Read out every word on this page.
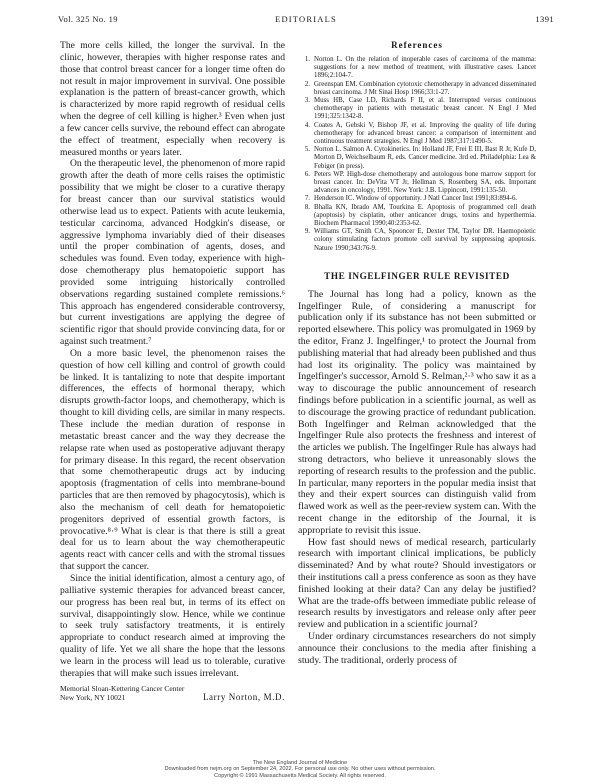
Vol. 325 No. 19	EDITORIALS	1391

The more cells killed, the longer the survival. In the clinic, however, therapies with higher response rates and those that control breast cancer for a longer time often do not result in major improvement in survival. One possible explanation is the pattern of breast-cancer growth, which is characterized by more rapid regrowth of residual cells when the degree of cell killing is higher.³ Even when just a few cancer cells survive, the rebound effect can abrogate the effect of treatment, especially when recovery is measured months or years later.

On the therapeutic level, the phenomenon of more rapid growth after the death of more cells raises the optimistic possibility that we might be closer to a curative therapy for breast cancer than our survival statistics would otherwise lead us to expect. Patients with acute leukemia, testicular carcinoma, advanced Hodgkin's disease, or aggressive lymphoma invariably died of their diseases until the proper combination of agents, doses, and schedules was found. Even today, experience with high-dose chemotherapy plus hematopoietic support has provided some intriguing historically controlled observations regarding sustained complete remissions.⁶ This approach has engendered considerable controversy, but current investigations are applying the degree of scientific rigor that should provide convincing data, for or against such treatment.⁷

On a more basic level, the phenomenon raises the question of how cell killing and control of growth could be linked. It is tantalizing to note that despite important differences, the effects of hormonal therapy, which disrupts growth-factor loops, and chemotherapy, which is thought to kill dividing cells, are similar in many respects. These include the median duration of response in metastatic breast cancer and the way they decrease the relapse rate when used as postoperative adjuvant therapy for primary disease. In this regard, the recent observation that some chemotherapeutic drugs act by inducing apoptosis (fragmentation of cells into membrane-bound particles that are then removed by phagocytosis), which is also the mechanism of cell death for hematopoietic progenitors deprived of essential growth factors, is provocative.⁸·⁹ What is clear is that there is still a great deal for us to learn about the way chemotherapeutic agents react with cancer cells and with the stromal tissues that support the cancer.

Since the initial identification, almost a century ago, of palliative systemic therapies for advanced breast cancer, our progress has been real but, in terms of its effect on survival, disappointingly slow. Hence, while we continue to seek truly satisfactory treatments, it is entirely appropriate to conduct research aimed at improving the quality of life. Yet we all share the hope that the lessons we learn in the process will lead us to tolerable, curative therapies that will make such issues irrelevant.

Memorial Sloan-Kettering Cancer Center
New York, NY 10021	Larry Norton, M.D.
References
1. Norton L. On the relation of inoperable cases of carcinoma of the mamma: suggestions for a new method of treatment, with illustrative cases. Lancet 1896;2:104-7.
2. Greenspan EM. Combination cytotoxic chemotherapy in advanced disseminated breast carcinoma. J Mt Sinai Hosp 1966;33:1-27.
3. Muss HB, Case LD, Richards F II, et al. Interrupted versus continuous chemotherapy in patients with metastatic breast cancer. N Engl J Med 1991;325:1342-8.
4. Coates A, Gebski V, Bishop JF, et al. Improving the quality of life during chemotherapy for advanced breast cancer: a comparison of intermittent and continuous treatment strategies. N Engl J Med 1987;317:1490-5.
5. Norton L. Salmon A. Cytokinetics. In: Holland JF, Frei E III, Bast R Jr, Kufe D, Morton D, Weichselbaum R, eds. Cancer medicine. 3rd ed. Philadelphia: Lea & Febiger (in press).
6. Peters WP. High-dose chemotherapy and autologous bone marrow support for breast cancer. In: DeVita VT Jr, Hellman S, Rosenberg SA, eds. Important advances in oncology, 1991. New York: J.B. Lippincott, 1991:135-50.
7. Henderson IC. Window of opportunity. J Natl Cancer Inst 1991;83:894-6.
8. Bhalla KN, Ibrado AM, Tourkina E. Apoptosis of programmed cell death (apoptosis) by cisplatin, other anticancer drugs, toxins and hyperthermia. Biochem Pharmacol 1990;40:2353-62.
9. Williams GT, Smith CA, Spooncer E, Dexter TM, Taylor DR. Haemopoietic colony stimulating factors promote cell survival by suppressing apoptosis. Nature 1990;343:76-9.
THE INGELFINGER RULE REVISITED

The Journal has long had a policy, known as the Ingelfinger Rule, of considering a manuscript for publication only if its substance has not been submitted or reported elsewhere. This policy was promulgated in 1969 by the editor, Franz J. Ingelfinger,¹ to protect the Journal from publishing material that had already been published and thus had lost its originality. The policy was maintained by Ingelfinger's successor, Arnold S. Relman,²·³ who saw it as a way to discourage the public announcement of research findings before publication in a scientific journal, as well as to discourage the growing practice of redundant publication. Both Ingelfinger and Relman acknowledged that the Ingelfinger Rule also protects the freshness and interest of the articles we publish. The Ingelfinger Rule has always had strong detractors, who believe it unreasonably slows the reporting of research results to the profession and the public. In particular, many reporters in the popular media insist that they and their expert sources can distinguish valid from flawed work as well as the peer-review system can. With the recent change in the editorship of the Journal, it is appropriate to revisit this issue.

How fast should news of medical research, particularly research with important clinical implications, be publicly disseminated? And by what route? Should investigators or their institutions call a press conference as soon as they have finished looking at their data? Can any delay be justified? What are the trade-offs between immediate public release of research results by investigators and release only after peer review and publication in a scientific journal?

Under ordinary circumstances researchers do not simply announce their conclusions to the media after finishing a study. The traditional, orderly process of

The New England Journal of Medicine
Downloaded from nejm.org on September 24, 2022. For personal use only. No other uses without permission.
Copyright © 1991 Massachusetts Medical Society. All rights reserved.
